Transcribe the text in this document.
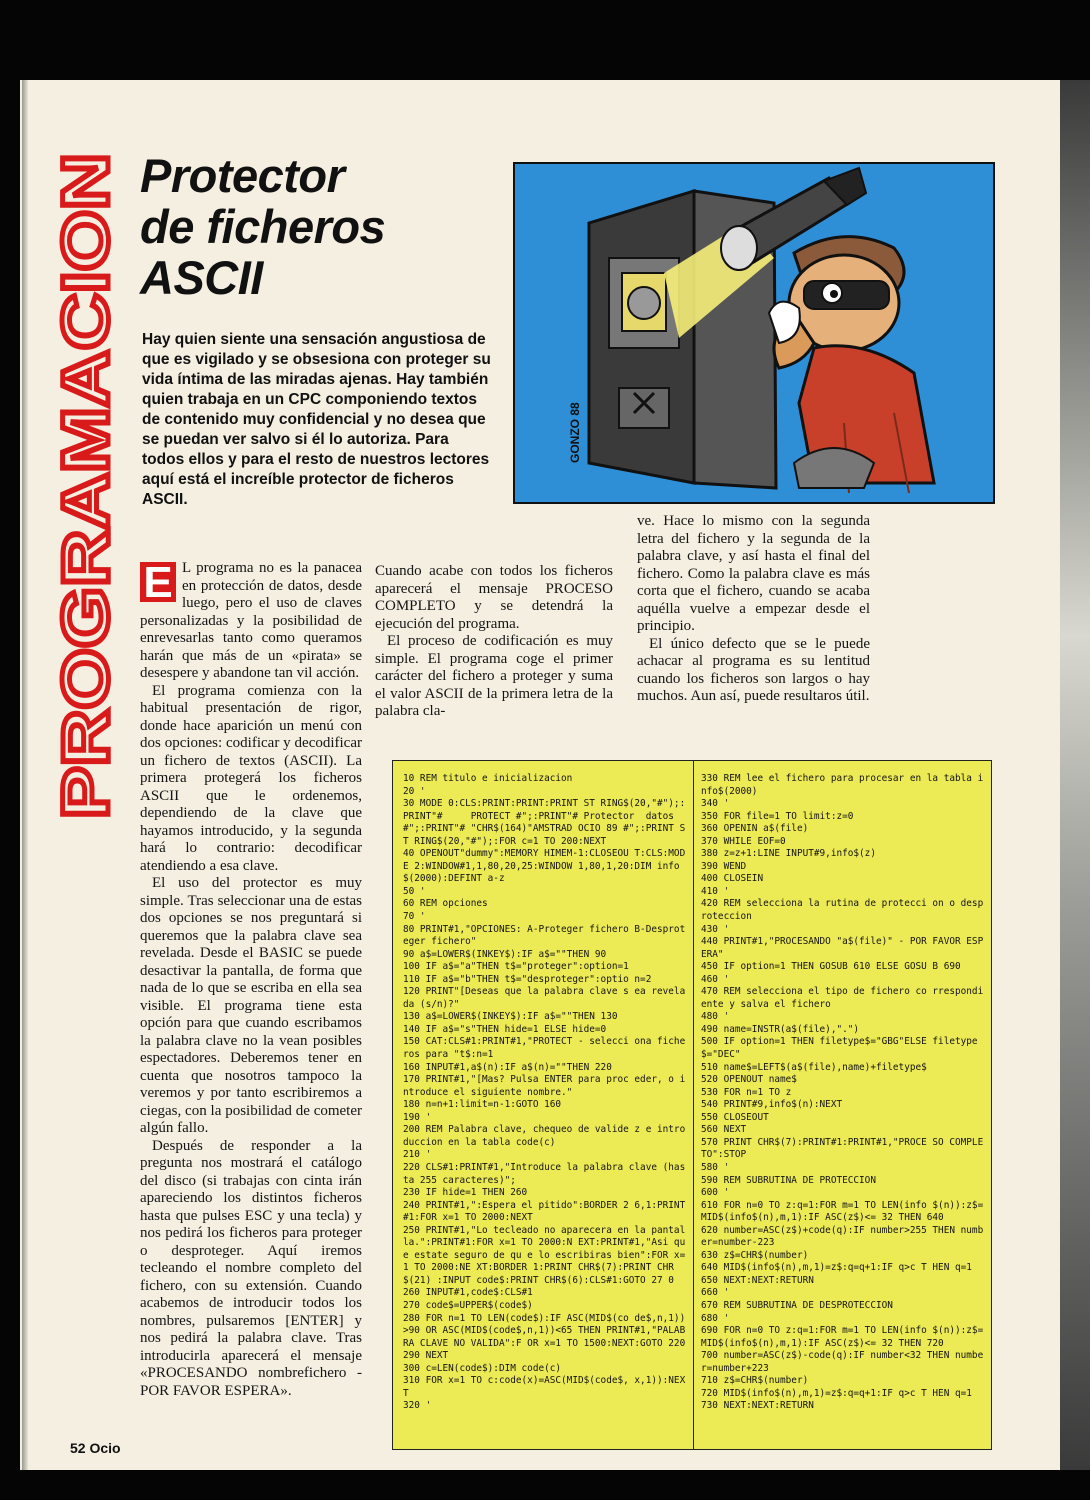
PROGRAMACION
Protector
de ficheros
ASCII

Hay quien siente una sensación angustiosa de que es vigilado y se obsesiona con proteger su vida íntima de las miradas ajenas. Hay también quien trabaja en un CPC componiendo textos de contenido muy confidencial y no desea que se puedan ver salvo si él lo autoriza. Para todos ellos y para el resto de nuestros lectores aquí está el increíble protector de ficheros ASCII.

GONZO 88

E L programa no es la panacea en protección de datos, desde luego, pero el uso de claves personalizadas y la posibilidad de enrevesarlas tanto como queramos harán que más de un «pirata» se desespere y abandone tan vil acción.

El programa comienza con la habitual presentación de rigor, donde hace aparición un menú con dos opciones: codificar y decodificar un fichero de textos (ASCII). La primera protegerá los ficheros ASCII que le ordenemos, dependiendo de la clave que hayamos introducido, y la segunda hará lo contrario: decodificar atendiendo a esa clave.

El uso del protector es muy simple. Tras seleccionar una de estas dos opciones se nos preguntará si queremos que la palabra clave sea revelada. Desde el BASIC se puede desactivar la pantalla, de forma que nada de lo que se escriba en ella sea visible. El programa tiene esta opción para que cuando escribamos la palabra clave no la vean posibles espectadores. Deberemos tener en cuenta que nosotros tampoco la veremos y por tanto escribiremos a ciegas, con la posibilidad de cometer algún fallo.

Después de responder a la pregunta nos mostrará el catálogo del disco (si trabajas con cinta irán apareciendo los distintos ficheros hasta que pulses ESC y una tecla) y nos pedirá los ficheros para proteger o desproteger. Aquí iremos tecleando el nombre completo del fichero, con su extensión. Cuando acabemos de introducir todos los nombres, pulsaremos [ENTER] y nos pedirá la palabra clave. Tras introducirla aparecerá el mensaje «PROCESANDO nombrefichero - POR FAVOR ESPERA».

Cuando acabe con todos los ficheros aparecerá el mensaje PROCESO COMPLETO y se detendrá la ejecución del programa.

El proceso de codificación es muy simple. El programa coge el primer carácter del fichero a proteger y suma el valor ASCII de la primera letra de la palabra cla-

ve. Hace lo mismo con la segunda letra del fichero y la segunda de la palabra clave, y así hasta el final del fichero. Como la palabra clave es más corta que el fichero, cuando se acaba aquélla vuelve a empezar desde el principio.

El único defecto que se le puede achacar al programa es su lentitud cuando los ficheros son largos o hay muchos. Aun así, puede resultaros útil.

10 REM titulo e inicializacion
20 '
30 MODE 0:CLS:PRINT:PRINT:PRINT ST RING$(20,"#");:PRINT"#     PROTECT #";:PRINT"# Protector  datos #";:PRINT"# "CHR$(164)"AMSTRAD OCIO 89 #";:PRINT ST RING$(20,"#");:FOR c=1 TO 200:NEXT
40 OPENOUT"dummy":MEMORY HIMEM-1:CLOSEOU T:CLS:MODE 2:WINDOW#1,1,80,20,25:WINDOW 1,80,1,20:DIM info$(2000):DEFINT a-z
50 '
60 REM opciones
70 '
80 PRINT#1,"OPCIONES: A-Proteger fichero B-Desproteger fichero"
90 a$=LOWER$(INKEY$):IF a$=""THEN 90
100 IF a$="a"THEN t$="proteger":option=1
110 IF a$="b"THEN t$="desproteger":optio n=2
120 PRINT"[Deseas que la palabra clave s ea revelada (s/n)?"
130 a$=LOWER$(INKEY$):IF a$=""THEN 130
140 IF a$="s"THEN hide=1 ELSE hide=0
150 CAT:CLS#1:PRINT#1,"PROTECT - selecci ona ficheros para "t$:n=1
160 INPUT#1,a$(n):IF a$(n)=""THEN 220
170 PRINT#1,"[Mas? Pulsa ENTER para proc eder, o introduce el siguiente nombre."
180 n=n+1:limit=n-1:GOTO 160
190 '
200 REM Palabra clave, chequeo de valide z e introduccion en la tabla code(c)
210 '
220 CLS#1:PRINT#1,"Introduce la palabra clave (hasta 255 caracteres)";
230 IF hide=1 THEN 260
240 PRINT#1,":Espera el pitido":BORDER 2 6,1:PRINT#1:FOR x=1 TO 2000:NEXT
250 PRINT#1,"Lo tecleado no aparecera en la pantalla.":PRINT#1:FOR x=1 TO 2000:N EXT:PRINT#1,"Asi que estate seguro de qu e lo escribiras bien":FOR x=1 TO 2000:NE XT:BORDER 1:PRINT CHR$(7):PRINT CHR$(21) :INPUT code$:PRINT CHR$(6):CLS#1:GOTO 27 0
260 INPUT#1,code$:CLS#1
270 code$=UPPER$(code$)
280 FOR n=1 TO LEN(code$):IF ASC(MID$(co de$,n,1))>90 OR ASC(MID$(code$,n,1))<65 THEN PRINT#1,"PALABRA CLAVE NO VALIDA":F OR x=1 TO 1500:NEXT:GOTO 220
290 NEXT
300 c=LEN(code$):DIM code(c)
310 FOR x=1 TO c:code(x)=ASC(MID$(code$, x,1)):NEXT
320 '
330 REM lee el fichero para procesar en la tabla info$(2000)
340 '
350 FOR file=1 TO limit:z=0
360 OPENIN a$(file)
370 WHILE EOF=0
380 z=z+1:LINE INPUT#9,info$(z)
390 WEND
400 CLOSEIN
410 '
420 REM selecciona la rutina de protecci on o desproteccion
430 '
440 PRINT#1,"PROCESANDO "a$(file)" - POR FAVOR ESPERA"
450 IF option=1 THEN GOSUB 610 ELSE GOSU B 690
460 '
470 REM selecciona el tipo de fichero co rrespondiente y salva el fichero
480 '
490 name=INSTR(a$(file),".")
500 IF option=1 THEN filetype$="GBG"ELSE filetype$="DEC"
510 name$=LEFT$(a$(file),name)+filetype$
520 OPENOUT name$
530 FOR n=1 TO z
540 PRINT#9,info$(n):NEXT
550 CLOSEOUT
560 NEXT
570 PRINT CHR$(7):PRINT#1:PRINT#1,"PROCE SO COMPLETO":STOP
580 '
590 REM SUBRUTINA DE PROTECCION
600 '
610 FOR n=0 TO z:q=1:FOR m=1 TO LEN(info $(n)):z$=MID$(info$(n),m,1):IF ASC(z$)<= 32 THEN 640
620 number=ASC(z$)+code(q):IF number>255 THEN number=number-223
630 z$=CHR$(number)
640 MID$(info$(n),m,1)=z$:q=q+1:IF q>c T HEN q=1
650 NEXT:NEXT:RETURN
660 '
670 REM SUBRUTINA DE DESPROTECCION
680 '
690 FOR n=0 TO z:q=1:FOR m=1 TO LEN(info $(n)):z$=MID$(info$(n),m,1):IF ASC(z$)<= 32 THEN 720
700 number=ASC(z$)-code(q):IF number<32 THEN number=number+223
710 z$=CHR$(number)
720 MID$(info$(n),m,1)=z$:q=q+1:IF q>c T HEN q=1
730 NEXT:NEXT:RETURN

52 Ocio
